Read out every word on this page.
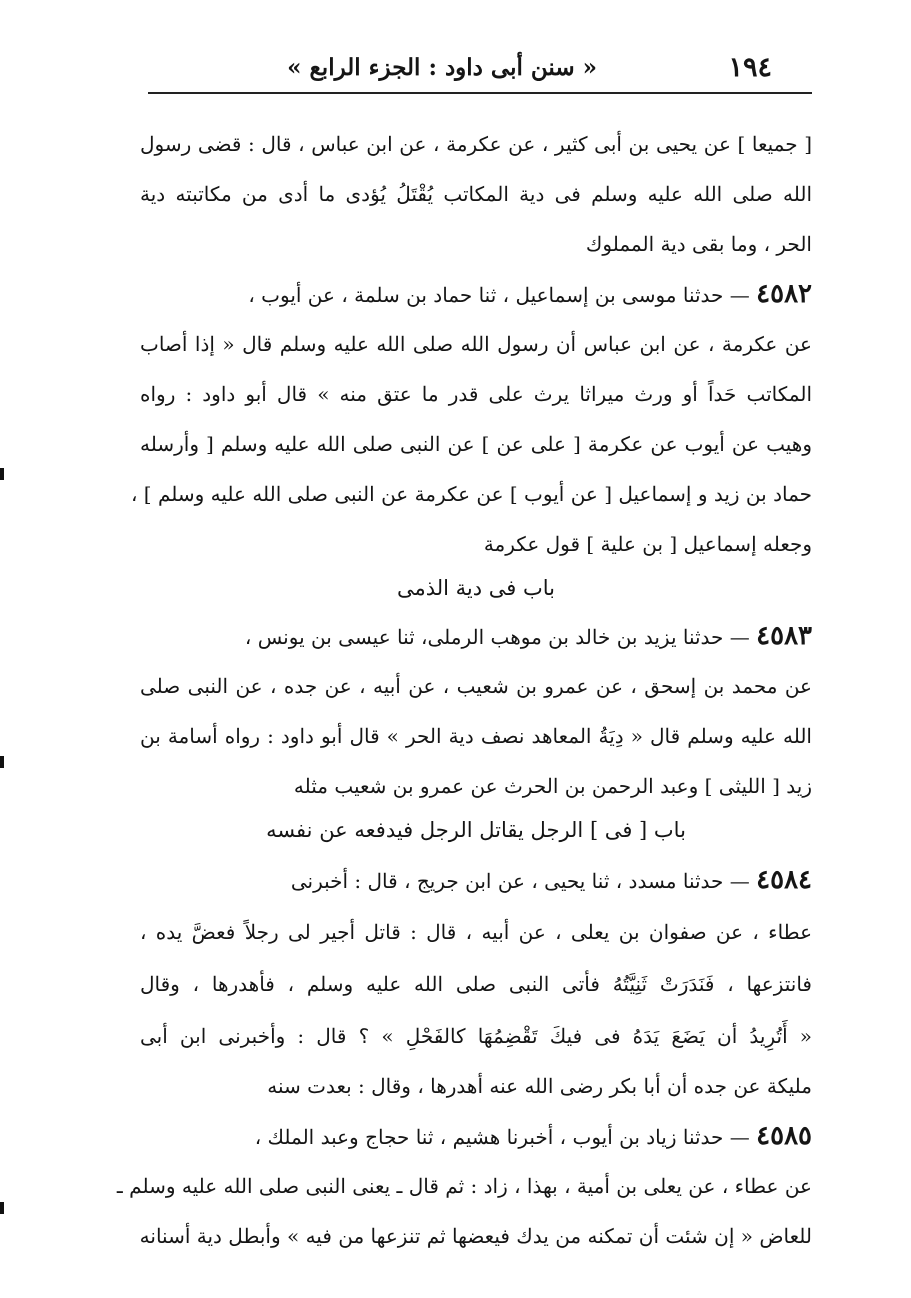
« سنن أبى داود : الجزء الرابع »	١٩٤
[ جميعا ] عن يحيى بن أبى كثير ، عن عكرمة ، عن ابن عباس ، قال : قضى رسول
الله صلى الله عليه وسلم فى دية المكاتب يُقْتَلُ يُؤدى ما أدى من مكاتبته دية
الحر ، وما بقى دية المملوك
٤٥٨٢ — حدثنا موسى بن إسماعيل ، ثنا حماد بن سلمة ، عن أيوب ،
عن عكرمة ، عن ابن عباس أن رسول الله صلى الله عليه وسلم قال « إذا أصاب
المكاتب حَداً أو ورث ميراثا يرث على قدر ما عتق منه » قال أبو داود : رواه
وهيب عن أيوب عن عكرمة [ على عن ] عن النبى صلى الله عليه وسلم [ وأرسله
حماد بن زيد و إسماعيل [ عن أيوب ] عن عكرمة عن النبى صلى الله عليه وسلم ] ،
وجعله إسماعيل [ بن علية ] قول عكرمة
باب فى دية الذمى
٤٥٨٣ — حدثنا يزيد بن خالد بن موهب الرملى، ثنا عيسى بن يونس ،
عن محمد بن إسحق ، عن عمرو بن شعيب ، عن أبيه ، عن جده ، عن النبى صلى
الله عليه وسلم قال « دِيَةُ المعاهد نصف دية الحر » قال أبو داود : رواه أسامة بن
زيد [ الليثى ] وعبد الرحمن بن الحرث عن عمرو بن شعيب مثله
باب [ فى ] الرجل يقاتل الرجل فيدفعه عن نفسه
٤٥٨٤ — حدثنا مسدد ، ثنا يحيى ، عن ابن جريج ، قال : أخبرنى
عطاء ، عن صفوان بن يعلى ، عن أبيه ، قال : قاتل أجير لى رجلاً فعضَّ يده ،
فانتزعها ، فَنَدَرَتْ ثَنِيَّتُهُ فأتى النبى صلى الله عليه وسلم ، فأهدرها ، وقال
« أَتُرِيدُ أن يَضَعَ يَدَهُ فى فيكَ تَقْضِمُهَا كالفَحْلِ » ؟ قال : وأخبرنى ابن أبى
مليكة عن جده أن أبا بكر رضى الله عنه أهدرها ، وقال : بعدت سنه
٤٥٨٥ — حدثنا زياد بن أيوب ، أخبرنا هشيم ، ثنا حجاج وعبد الملك ،
عن عطاء ، عن يعلى بن أمية ، بهذا ، زاد : ثم قال ـ يعنى النبى صلى الله عليه وسلم ـ
للعاض « إن شئت أن تمكنه من يدك فيعضها ثم تنزعها من فيه » وأبطل دية أسنانه
